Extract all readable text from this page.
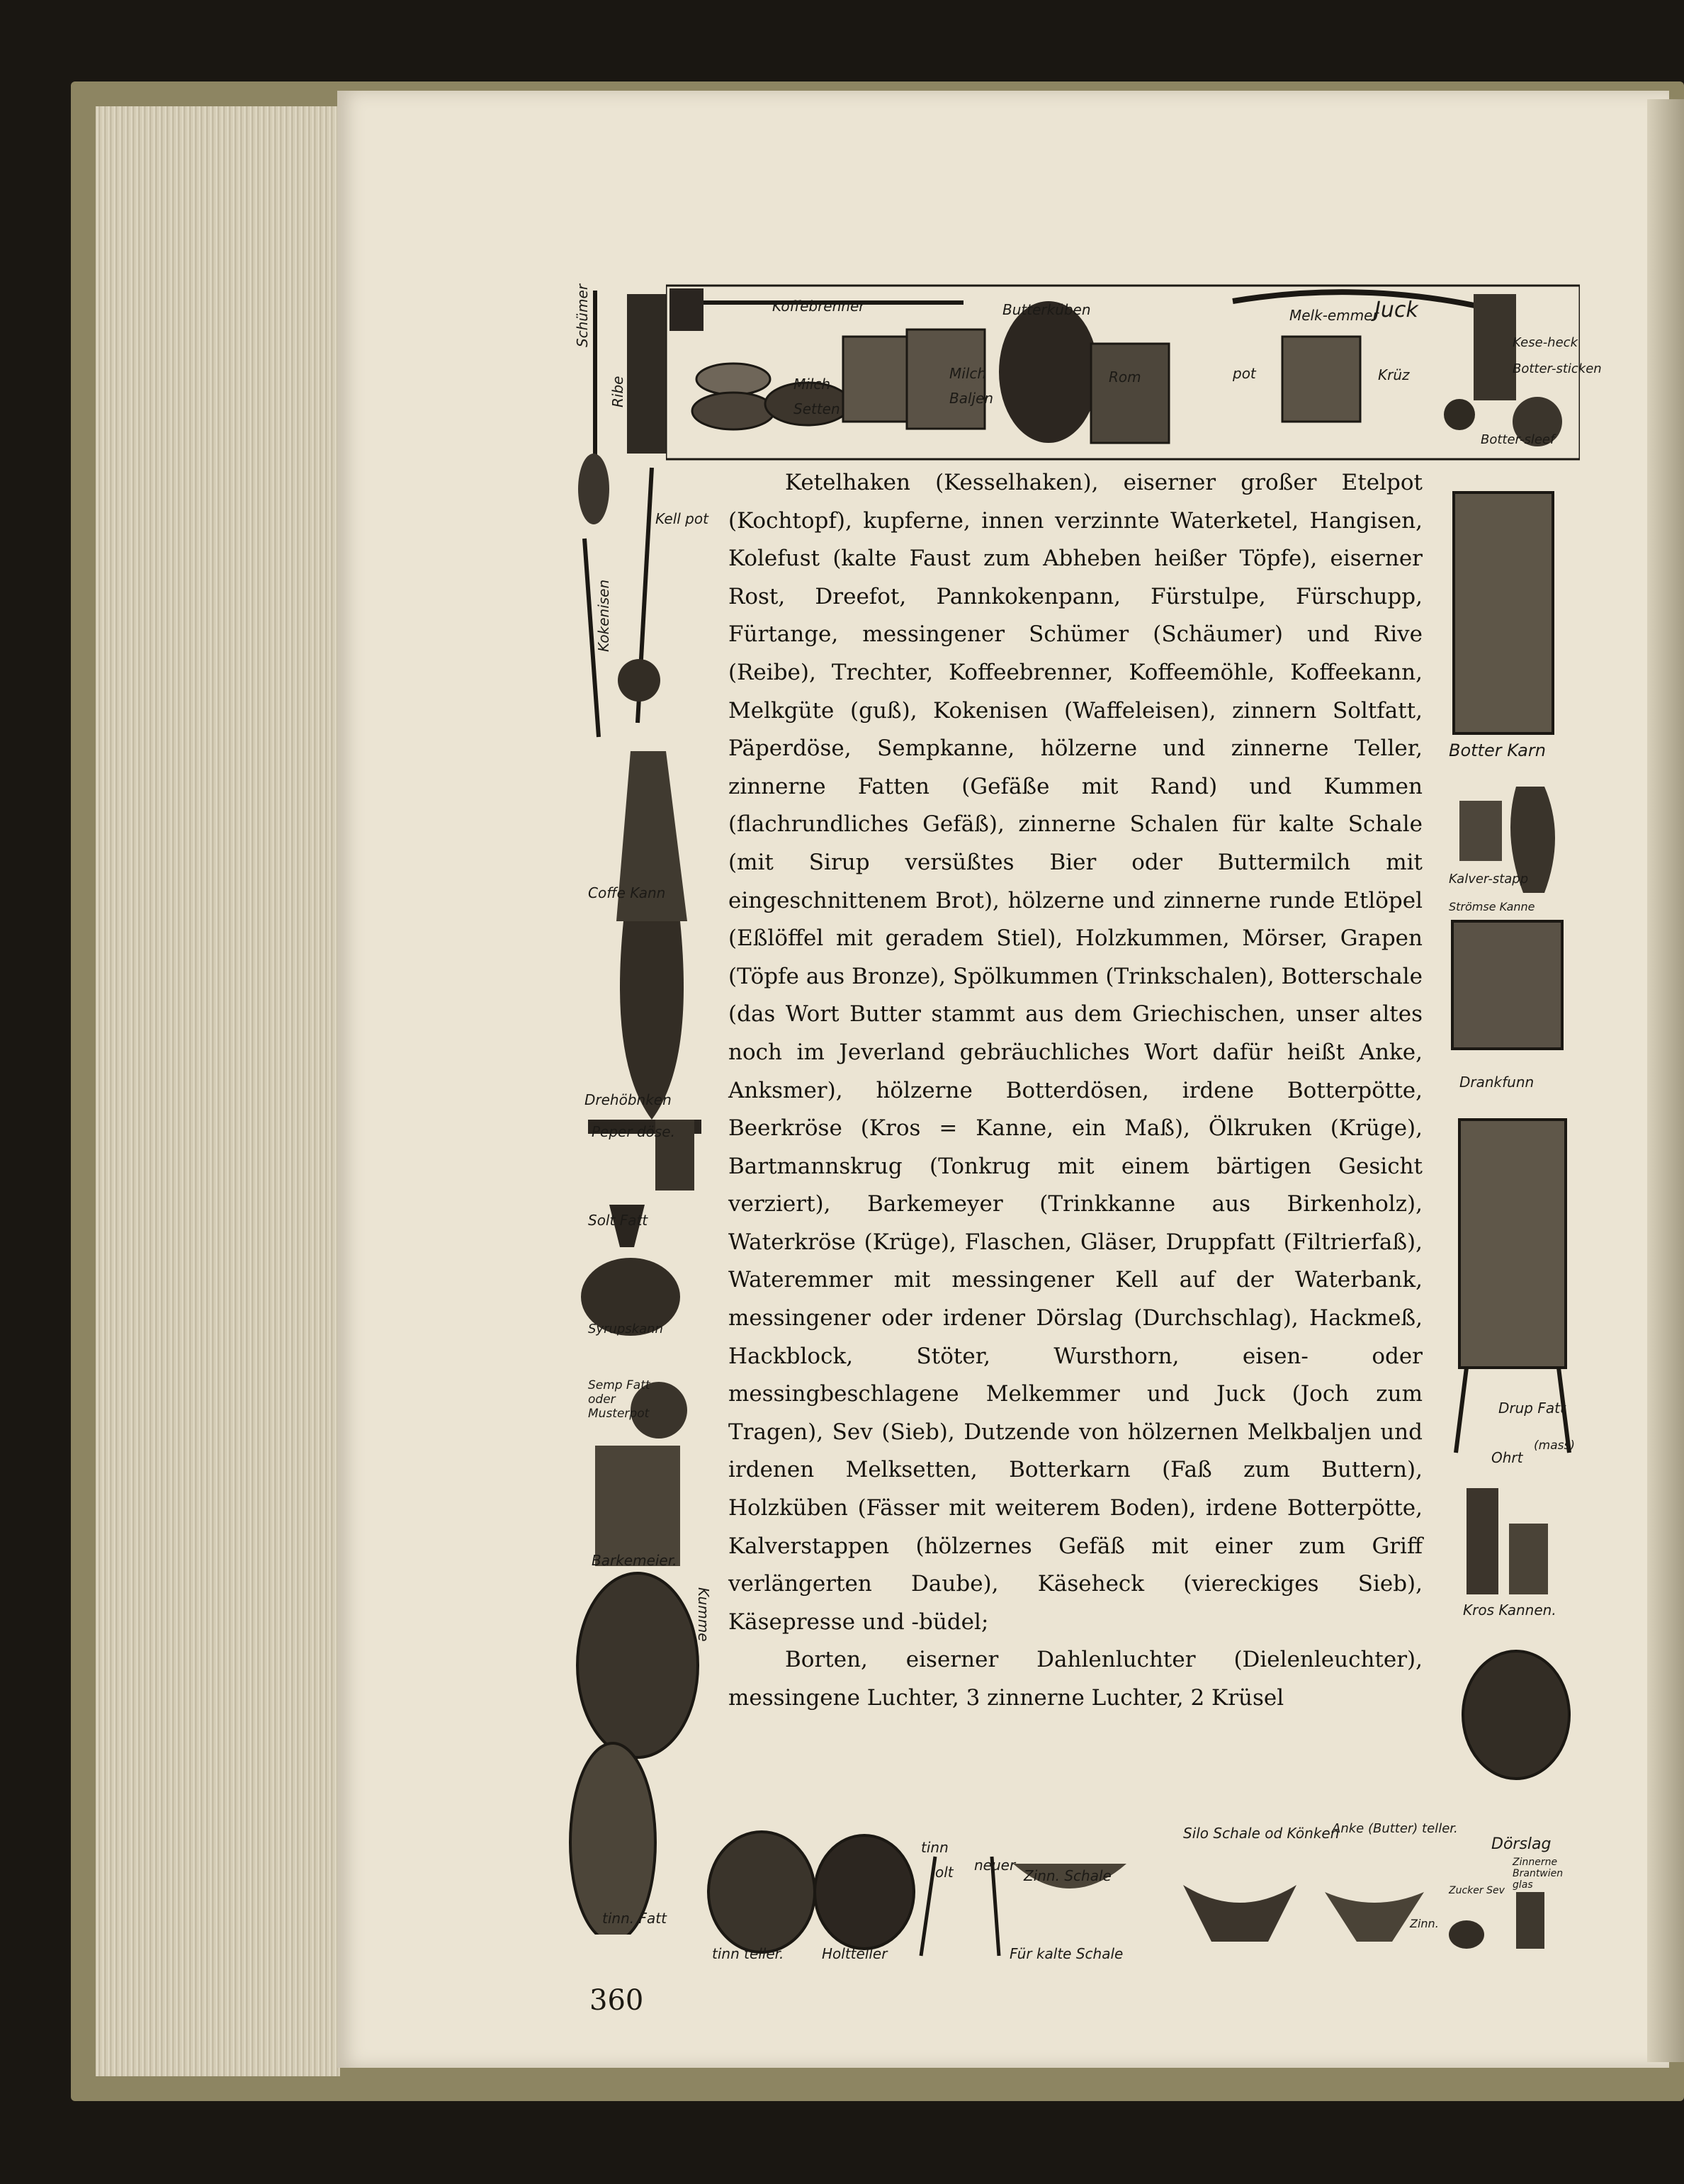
Koffebrenner	Butterküben	Melk-emmer
Juck
Milch
Setten
Milch
Baljen
Rom	pot	Krüz
Kese-heck
Botter-sticken
Botter-sleef
Schümer
Ribe
Kokenisen
Kell pot
Coffe Kann
Drehöbnken
Peper döse.
Solt Fatt
Syrupskann
Semp Fatt oder Musterpot
Barkemeier.
Kumme
tinn. Fatt
Botter Karn
Kalver-stapp
Strömse Kanne
Drankfunn
Drup Fatt
Ohrt
(mass)
Kros Kannen.
tinn teller.	Holtteller
tinn
olt neuer
Zinn. Schale
Für kalte Schale
Silo Schale od Könken
Anke (Butter) teller.
Zinn.
Dörslag
Zinnerne Brantwien glas
Zucker Sev

Ketelhaken (Kesselhaken), eiserner großer Etelpot (Kochtopf), kupferne, innen verzinnte Waterketel, Hangisen, Kolefust (kalte Faust zum Abheben heißer Töpfe), eiserner Rost, Dreefot, Pannkokenpann, Fürstulpe, Fürschupp, Fürtange, messingener Schümer (Schäumer) und Rive (Reibe), Trechter, Koffeebrenner, Koffeemöhle, Koffeekann, Melkgüte (guß), Kokenisen (Waffeleisen), zinnern Soltfatt, Päperdöse, Sempkanne, hölzerne und zinnerne Teller, zinnerne Fatten (Gefäße mit Rand) und Kummen (flachrundliches Gefäß), zinnerne Schalen für kalte Schale (mit Sirup versüßtes Bier oder Buttermilch mit eingeschnittenem Brot), hölzerne und zinnerne runde Etlöpel (Eßlöffel mit geradem Stiel), Holzkummen, Mörser, Grapen (Töpfe aus Bronze), Spölkummen (Trinkschalen), Botterschale (das Wort Butter stammt aus dem Griechischen, unser altes noch im Jeverland gebräuchliches Wort dafür heißt Anke, Anksmer), hölzerne Botterdösen, irdene Botterpötte, Beerkröse (Kros = Kanne, ein Maß), Ölkruken (Krüge), Bartmannskrug (Tonkrug mit einem bärtigen Gesicht verziert), Barkemeyer (Trinkkanne aus Birkenholz), Waterkröse (Krüge), Flaschen, Gläser, Druppfatt (Filtrierfaß), Wateremmer mit messingener Kell auf der Waterbank, messingener oder irdener Dörslag (Durchschlag), Hackmeß, Hackblock, Stöter, Wursthorn, eisen- oder messingbeschlagene Melkemmer und Juck (Joch zum Tragen), Sev (Sieb), Dutzende von hölzernen Melkbaljen und irdenen Melksetten, Botterkarn (Faß zum Buttern), Holzküben (Fässer mit weiterem Boden), irdene Botterpötte, Kalverstappen (hölzernes Gefäß mit einer zum Griff verlängerten Daube), Käseheck (viereckiges Sieb), Käsepresse und -büdel;

Borten, eiserner Dahlenluchter (Dielenleuchter), messingene Luchter, 3 zinnerne Luchter, 2 Krüsel

360
